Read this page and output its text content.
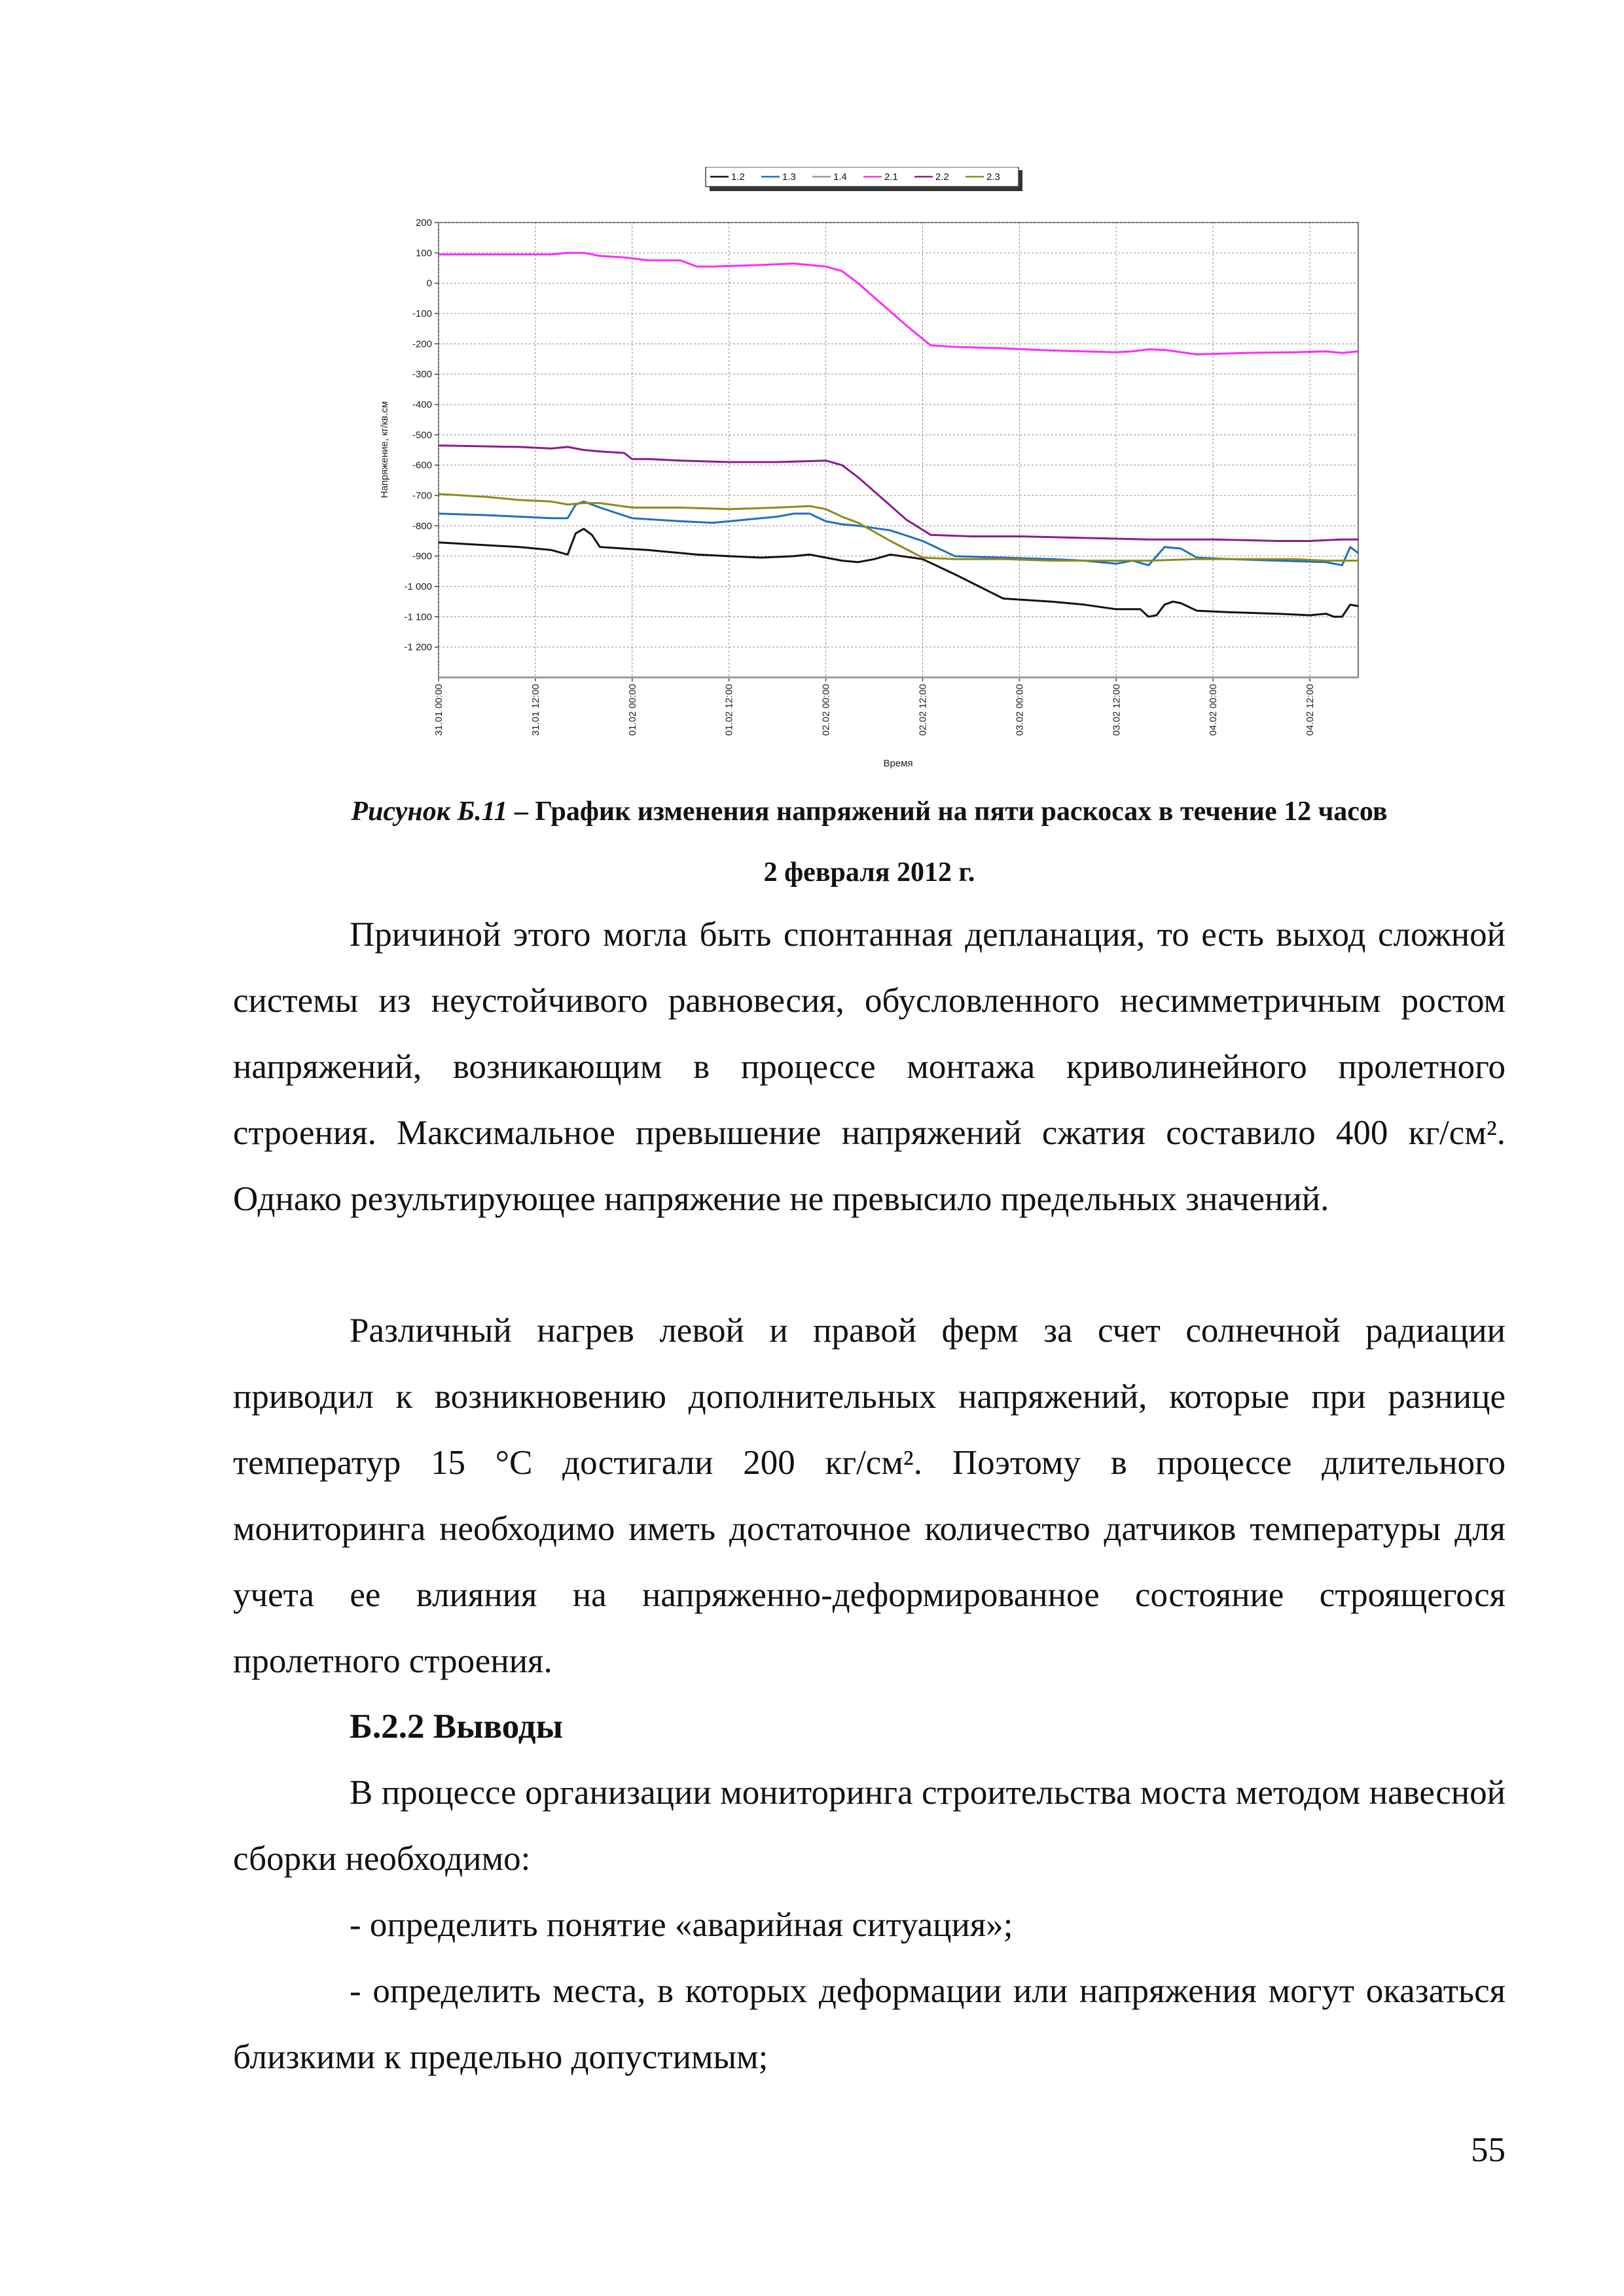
1.2	1.3	1.4	2.1	2.2	2.3
200
100
0
-100
-200
-300
-400
-500
-600
-700
-800
-900
-1 000
-1 100
-1 200
31.01 00:00	31.01 12:00	01.02 00:00	01.02 12:00	02.02 00:00	02.02 12:00	03.02 00:00	03.02 12:00	04.02 00:00	04.02 12:00
Напряжение, кг/кв.см
Время
Рисунок Б.11 – График изменения напряжений на пяти раскосах в течение 12 часов
2 февраля 2012 г.

Причиной этого могла быть спонтанная депланация, то есть выход сложной системы из неустойчивого равновесия, обусловленного несимметричным ростом напряжений, возникающим в процессе монтажа криволинейного пролетного строения. Максимальное превышение напряжений сжатия составило 400 кг/см². Однако результирующее напряжение не превысило предельных значений.

Различный нагрев левой и правой ферм за счет солнечной радиации приводил к возникновению дополнительных напряжений, которые при разнице температур 15 °С достигали 200 кг/см². Поэтому в процессе длительного мониторинга необходимо иметь достаточное количество датчиков температуры для учета ее влияния на напряженно-деформированное состояние строящегося пролетного строения.

Б.2.2 Выводы

В процессе организации мониторинга строительства моста методом навесной сборки необходимо:

- определить понятие «аварийная ситуация»;

- определить места, в которых деформации или напряжения могут оказаться близкими к предельно допустимым;

55
